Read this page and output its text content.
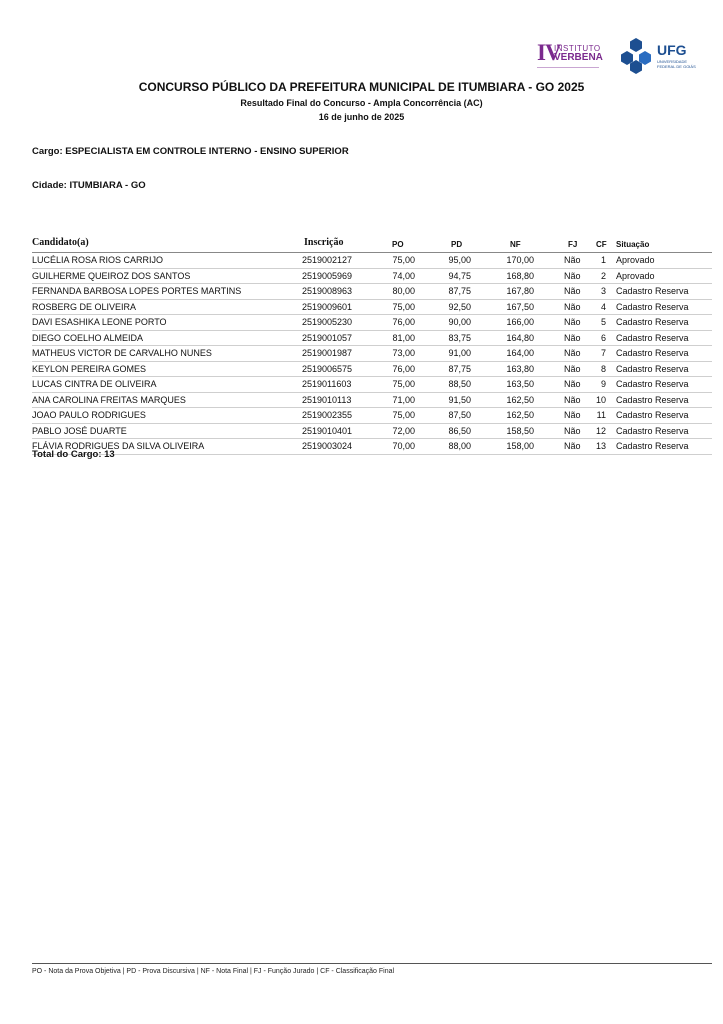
IV
INSTITUTO
VERBENA	UFG
UNIVERSIDADE FEDERAL DE GOIÁS
CONCURSO PÚBLICO DA PREFEITURA MUNICIPAL DE ITUMBIARA - GO 2025
Resultado Final do Concurso - Ampla Concorrência (AC)
16 de junho de 2025
Cargo: ESPECIALISTA EM CONTROLE INTERNO - ENSINO SUPERIOR
Cidade: ITUMBIARA - GO
Candidato(a)	Inscrição	PO	PD	NF	FJ CF Situação
LUCÉLIA ROSA RIOS CARRIJO	2519002127	75,00	95,00	170,00	Não	1 Aprovado
GUILHERME QUEIROZ DOS SANTOS	2519005969	74,00	94,75	168,80	Não	2 Aprovado
FERNANDA BARBOSA LOPES PORTES MARTINS	2519008963	80,00	87,75	167,80	Não	3 Cadastro Reserva
ROSBERG DE OLIVEIRA	2519009601	75,00	92,50	167,50	Não	4 Cadastro Reserva
DAVI ESASHIKA LEONE PORTO	2519005230	76,00	90,00	166,00	Não	5 Cadastro Reserva
DIEGO COELHO ALMEIDA	2519001057	81,00	83,75	164,80	Não	6 Cadastro Reserva
MATHEUS VICTOR DE CARVALHO NUNES	2519001987	73,00	91,00	164,00	Não	7 Cadastro Reserva
KEYLON PEREIRA GOMES	2519006575	76,00	87,75	163,80	Não	8 Cadastro Reserva
LUCAS CINTRA DE OLIVEIRA	2519011603	75,00	88,50	163,50	Não	9 Cadastro Reserva
ANA CAROLINA FREITAS MARQUES	2519010113	71,00	91,50	162,50	Não	10 Cadastro Reserva
JOAO PAULO RODRIGUES	2519002355	75,00	87,50	162,50	Não	11 Cadastro Reserva
PABLO JOSÉ DUARTE	2519010401	72,00	86,50	158,50	Não	12 Cadastro Reserva
FLÁVIA RODRIGUES DA SILVA OLIVEIRA	2519003024	70,00	88,00	158,00	Não	13 Cadastro Reserva
Total do Cargo: 13
PO - Nota da Prova Objetiva | PD - Prova Discursiva | NF - Nota Final | FJ - Função Jurado | CF - Classificação Final
